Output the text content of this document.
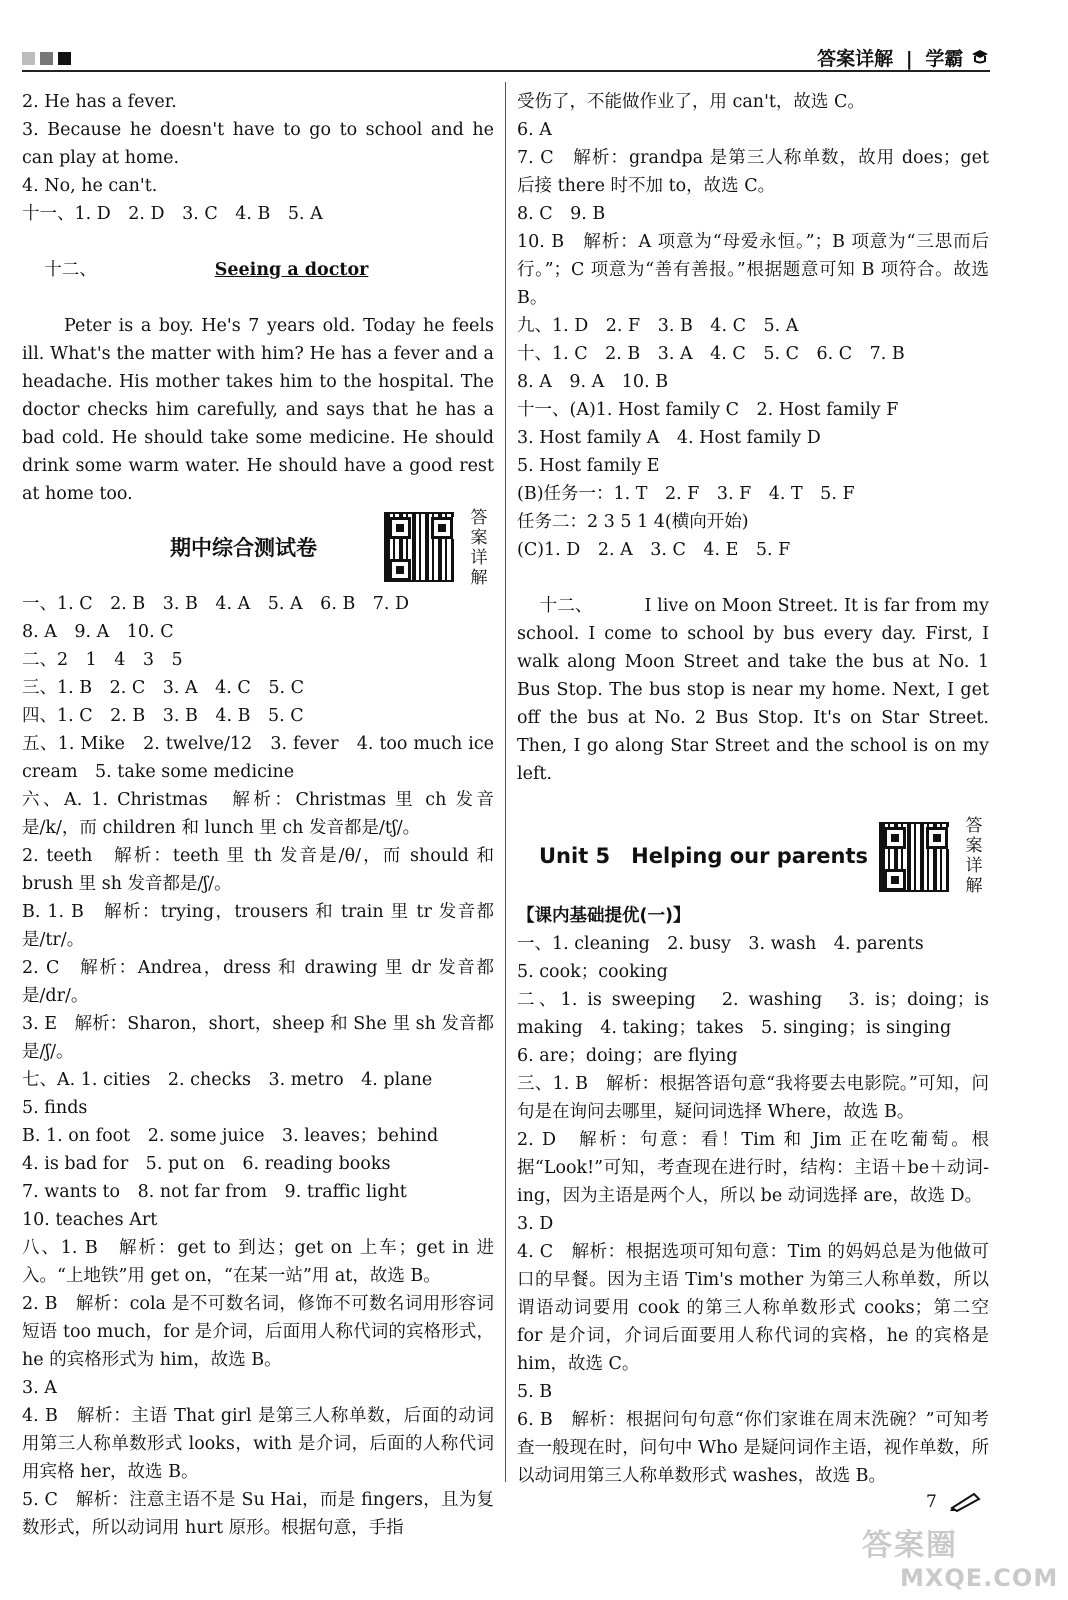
答案详解 | 学霸
2. He has a fever.
3. Because he doesn't have to go to school and he can play at home.
4. No, he can't.
十一、1. D　2. D　3. C　4. B　5. A

十二、	Seeing a doctor

Peter is a boy. He's 7 years old. Today he feels ill. What's the matter with him? He has a fever and a headache. His mother takes him to the hospital. The doctor checks him carefully, and says that he has a bad cold. He should take some medicine. He should drink some warm water. He should have a good rest at home too.
期中综合测试卷
答
案
详
解
一、1. C　2. B　3. B　4. A　5. A　6. B　7. D
8. A　9. A　10. C
二、2　1　4　3　5
三、1. B　2. C　3. A　4. C　5. C
四、1. C　2. B　3. B　4. B　5. C
五、1. Mike　2. twelve/12　3. fever　4. too much ice cream　5. take some medicine
六、A. 1. Christmas　解析：Christmas 里 ch 发音是/k/，而 children 和 lunch 里 ch 发音都是/tʃ/。
2. teeth　解析：teeth 里 th 发音是/θ/，而 should 和 brush 里 sh 发音都是/ʃ/。
B. 1. B　解析：trying，trousers 和 train 里 tr 发音都是/tr/。
2. C　解析：Andrea，dress 和 drawing 里 dr 发音都是/dr/。
3. E　解析：Sharon，short，sheep 和 She 里 sh 发音都是/ʃ/。
七、A. 1. cities　2. checks　3. metro　4. plane
5. finds
B. 1. on foot　2. some juice　3. leaves；behind
4. is bad for　5. put on　6. reading books
7. wants to　8. not far from　9. traffic light
10. teaches Art
八、1. B　解析：get to 到达；get on 上车；get in 进入。“上地铁”用 get on，“在某一站”用 at，故选 B。
2. B　解析：cola 是不可数名词，修饰不可数名词用形容词短语 too much，for 是介词，后面用人称代词的宾格形式，he 的宾格形式为 him，故选 B。
3. A
4. B　解析：主语 That girl 是第三人称单数，后面的动词用第三人称单数形式 looks，with 是介词，后面的人称代词用宾格 her，故选 B。
5. C　解析：注意主语不是 Su Hai，而是 fingers，且为复数形式，所以动词用 hurt 原形。根据句意，手指
受伤了，不能做作业了，用 can't，故选 C。
6. A
7. C　解析：grandpa 是第三人称单数，故用 does；get 后接 there 时不加 to，故选 C。
8. C　9. B
10. B　解析：A 项意为“母爱永恒。”；B 项意为“三思而后行。”；C 项意为“善有善报。”根据题意可知 B 项符合。故选 B。
九、1. D　2. F　3. B　4. C　5. A
十、1. C　2. B　3. A　4. C　5. C　6. C　7. B
8. A　9. A　10. B
十一、(A)1. Host family C　2. Host family F
3. Host family A　4. Host family D
5. Host family E
(B)任务一：1. T　2. F　3. F　4. T　5. F
任务二：2 3 5 1 4(横向开始)
(C)1. D　2. A　3. C　4. E　5. F

十二、	I live on Moon Street. It is far from my school. I come to school by bus every day. First, I walk along Moon Street and take the bus at No. 1 Bus Stop. The bus stop is near my home. Next, I get off the bus at No. 2 Bus Stop. It's on Star Street. Then, I go along Star Street and the school is on my left.

Unit 5　Helping our parents
答
案
详
解
【课内基础提优(一)】
一、1. cleaning　2. busy　3. wash　4. parents
5. cook；cooking
二、1. is sweeping　2. washing　3. is；doing；is making　4. taking；takes　5. singing；is singing
6. are；doing；are flying
三、1. B　解析：根据答语句意“我将要去电影院。”可知，问句是在询问去哪里，疑问词选择 Where，故选 B。
2. D　解析：句意：看！Tim 和 Jim 正在吃葡萄。根据“Look!”可知，考查现在进行时，结构：主语＋be＋动词-ing，因为主语是两个人，所以 be 动词选择 are，故选 D。
3. D
4. C　解析：根据选项可知句意：Tim 的妈妈总是为他做可口的早餐。因为主语 Tim's mother 为第三人称单数，所以谓语动词要用 cook 的第三人称单数形式 cooks；第二空 for 是介词，介词后面要用人称代词的宾格，he 的宾格是 him，故选 C。
5. B
6. B　解析：根据问句句意“你们家谁在周末洗碗？”可知考查一般现在时，问句中 Who 是疑问词作主语，视作单数，所以动词用第三人称单数形式 washes，故选 B。
7
答案圈
MXQE.COM
